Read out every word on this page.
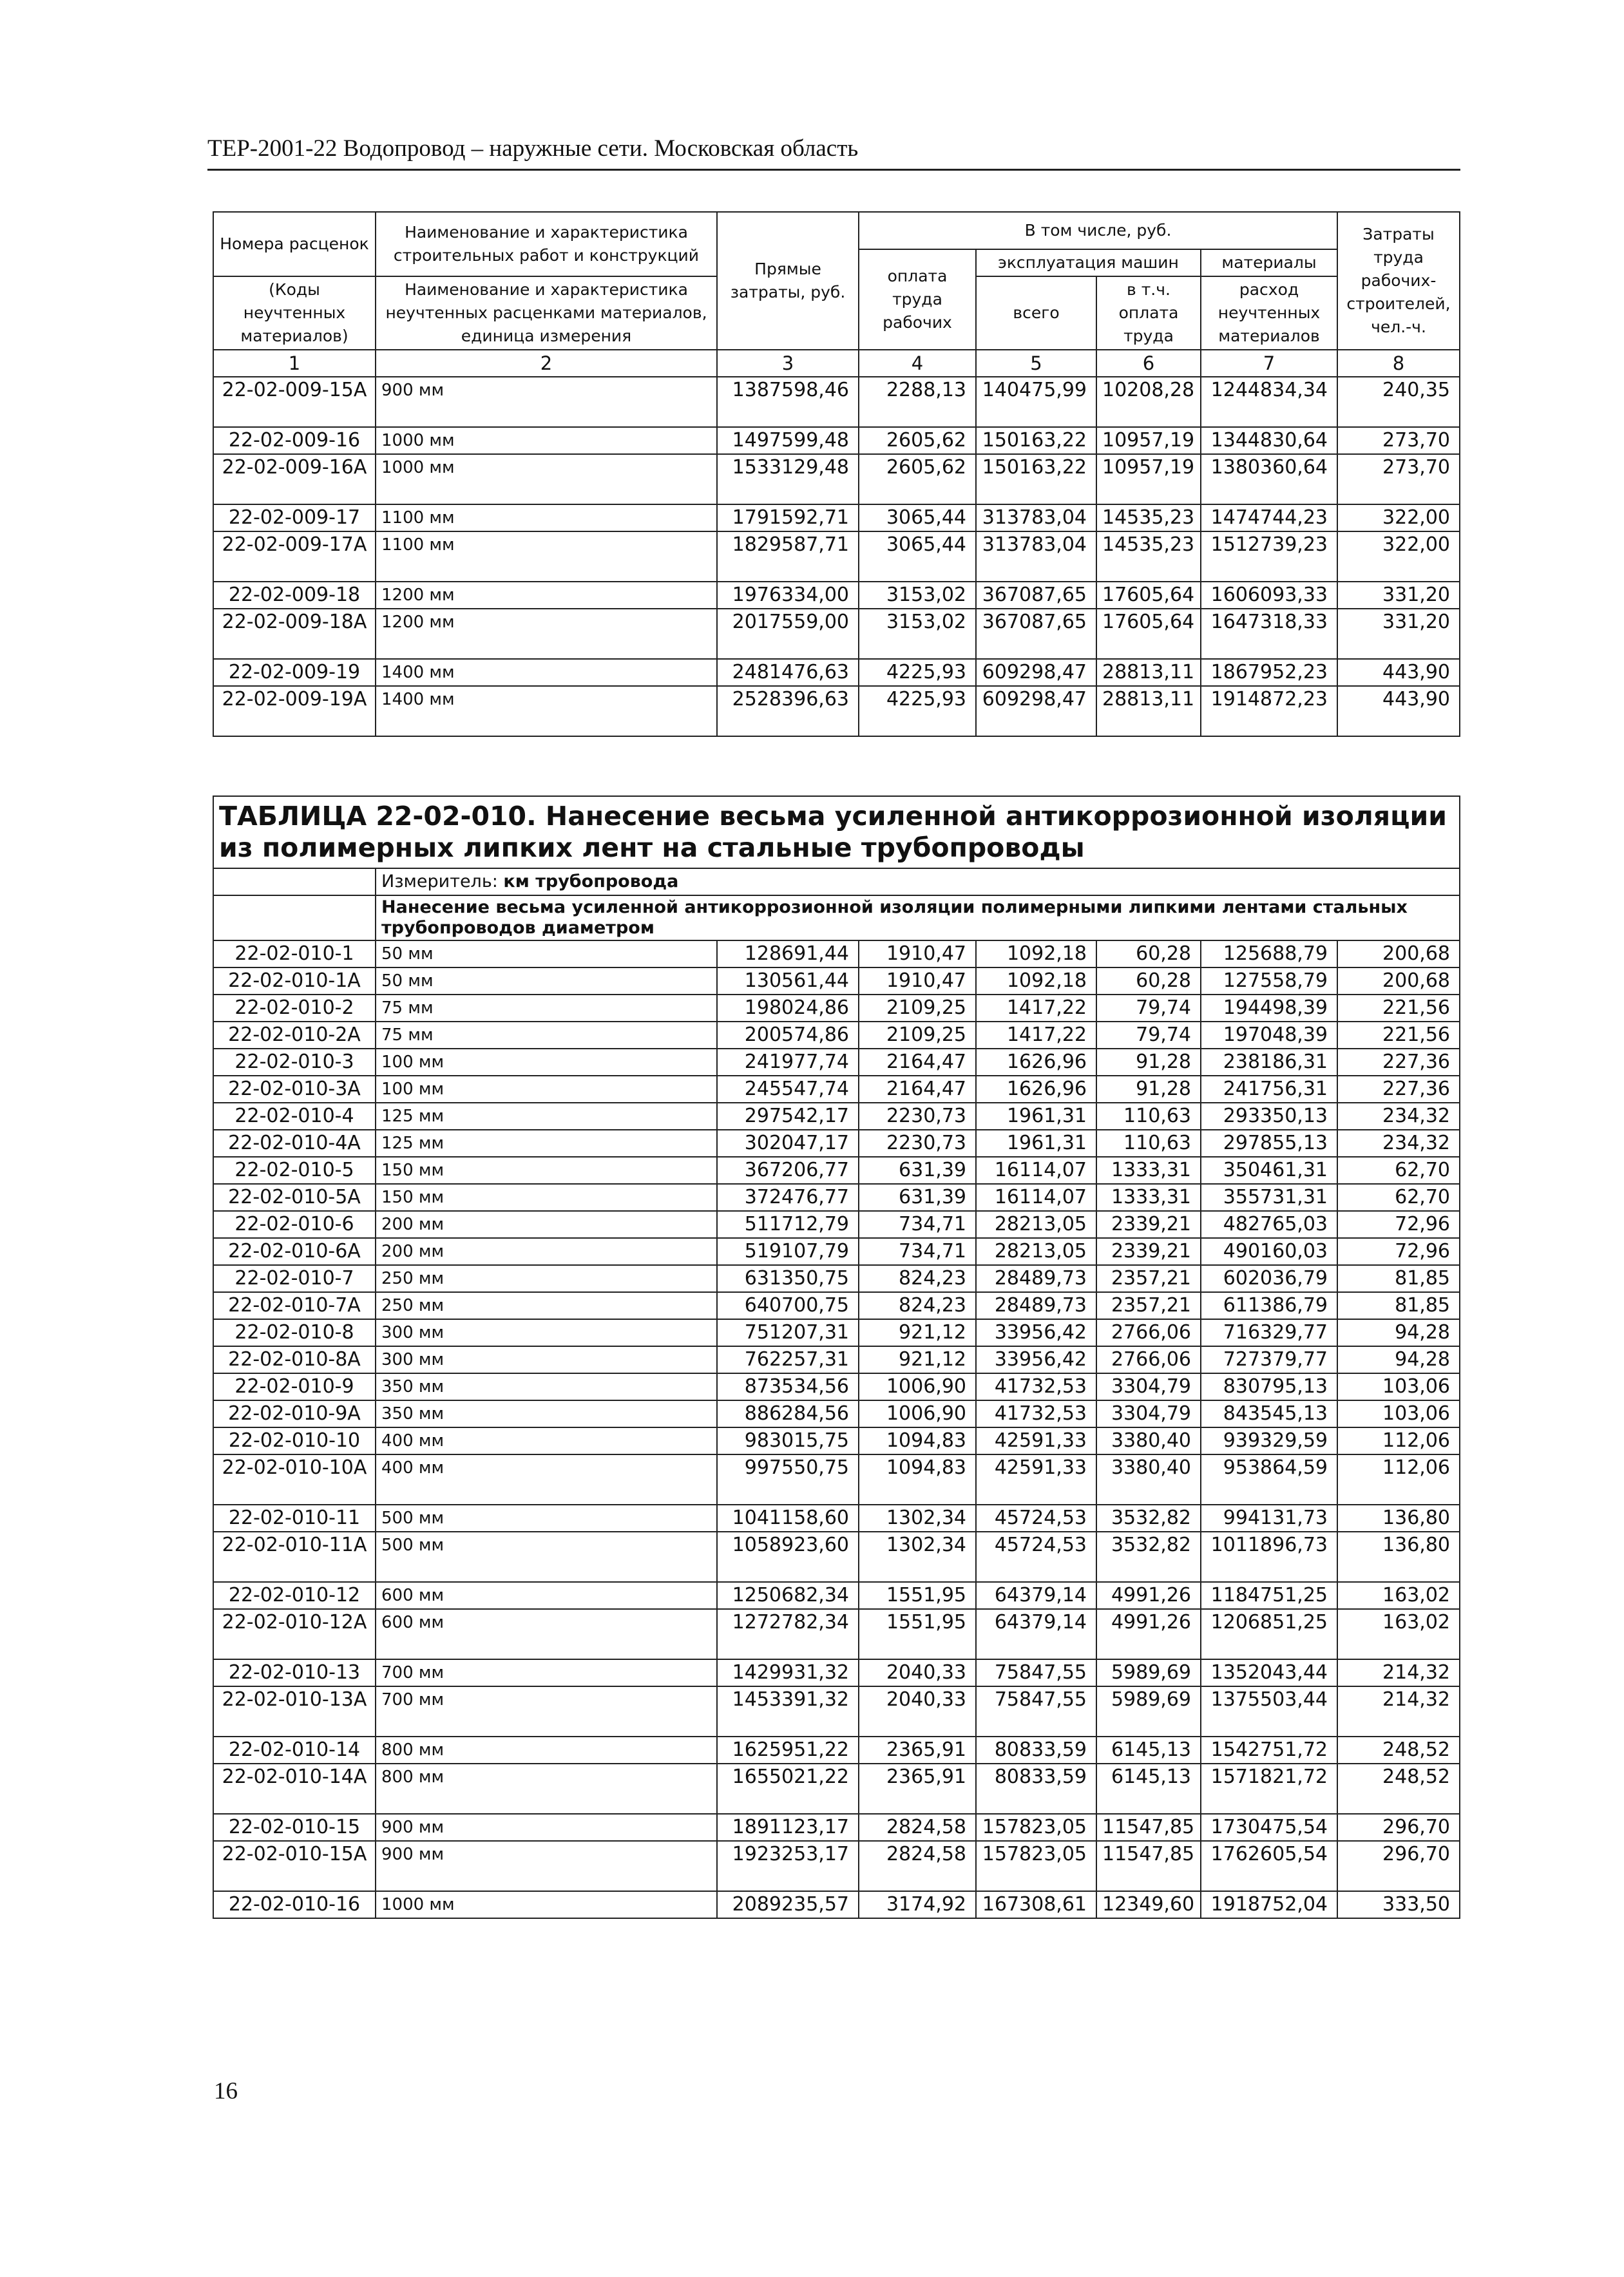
ТЕР-2001-22 Водопровод – наружные сети. Московская область
Номера расценок	Наименование и характеристика строительных работ и конструкций	Прямые затраты, руб.	В том числе, руб.				Затраты труда рабочих-строителей, чел.-ч.
			оплата труда рабочих	эксплуатация машин		материалы	
(Коды неучтенных материалов)	Наименование и характеристика неучтенных расценками материалов, единица измерения			всего	в т.ч. оплата труда	расход неучтенных материалов	

1	2	3	4	5	6	7	8
22-02-009-15А	900 мм	1387598,46	2288,13	140475,99	10208,28	1244834,34	240,35
22-02-009-16	1000 мм	1497599,48	2605,62	150163,22	10957,19	1344830,64	273,70
22-02-009-16А	1000 мм	1533129,48	2605,62	150163,22	10957,19	1380360,64	273,70
22-02-009-17	1100 мм	1791592,71	3065,44	313783,04	14535,23	1474744,23	322,00
22-02-009-17А	1100 мм	1829587,71	3065,44	313783,04	14535,23	1512739,23	322,00
22-02-009-18	1200 мм	1976334,00	3153,02	367087,65	17605,64	1606093,33	331,20
22-02-009-18А	1200 мм	2017559,00	3153,02	367087,65	17605,64	1647318,33	331,20
22-02-009-19	1400 мм	2481476,63	4225,93	609298,47	28813,11	1867952,23	443,90
22-02-009-19А	1400 мм	2528396,63	4225,93	609298,47	28813,11	1914872,23	443,90
ТАБЛИЦА 22-02-010. Нанесение весьма усиленной антикоррозионной изоляции из полимерных липких лент на стальные трубопроводы							
	Измеритель: км трубопровода						
	Нанесение весьма усиленной антикоррозионной изоляции полимерными липкими лентами стальных трубопроводов диаметром						
22-02-010-1	50 мм	128691,44	1910,47	1092,18	60,28	125688,79	200,68
22-02-010-1А	50 мм	130561,44	1910,47	1092,18	60,28	127558,79	200,68
22-02-010-2	75 мм	198024,86	2109,25	1417,22	79,74	194498,39	221,56
22-02-010-2А	75 мм	200574,86	2109,25	1417,22	79,74	197048,39	221,56
22-02-010-3	100 мм	241977,74	2164,47	1626,96	91,28	238186,31	227,36
22-02-010-3А	100 мм	245547,74	2164,47	1626,96	91,28	241756,31	227,36
22-02-010-4	125 мм	297542,17	2230,73	1961,31	110,63	293350,13	234,32
22-02-010-4А	125 мм	302047,17	2230,73	1961,31	110,63	297855,13	234,32
22-02-010-5	150 мм	367206,77	631,39	16114,07	1333,31	350461,31	62,70
22-02-010-5А	150 мм	372476,77	631,39	16114,07	1333,31	355731,31	62,70
22-02-010-6	200 мм	511712,79	734,71	28213,05	2339,21	482765,03	72,96
22-02-010-6А	200 мм	519107,79	734,71	28213,05	2339,21	490160,03	72,96
22-02-010-7	250 мм	631350,75	824,23	28489,73	2357,21	602036,79	81,85
22-02-010-7А	250 мм	640700,75	824,23	28489,73	2357,21	611386,79	81,85
22-02-010-8	300 мм	751207,31	921,12	33956,42	2766,06	716329,77	94,28
22-02-010-8А	300 мм	762257,31	921,12	33956,42	2766,06	727379,77	94,28
22-02-010-9	350 мм	873534,56	1006,90	41732,53	3304,79	830795,13	103,06
22-02-010-9А	350 мм	886284,56	1006,90	41732,53	3304,79	843545,13	103,06
22-02-010-10	400 мм	983015,75	1094,83	42591,33	3380,40	939329,59	112,06
22-02-010-10А	400 мм	997550,75	1094,83	42591,33	3380,40	953864,59	112,06
22-02-010-11	500 мм	1041158,60	1302,34	45724,53	3532,82	994131,73	136,80
22-02-010-11А	500 мм	1058923,60	1302,34	45724,53	3532,82	1011896,73	136,80
22-02-010-12	600 мм	1250682,34	1551,95	64379,14	4991,26	1184751,25	163,02
22-02-010-12А	600 мм	1272782,34	1551,95	64379,14	4991,26	1206851,25	163,02
22-02-010-13	700 мм	1429931,32	2040,33	75847,55	5989,69	1352043,44	214,32
22-02-010-13А	700 мм	1453391,32	2040,33	75847,55	5989,69	1375503,44	214,32
22-02-010-14	800 мм	1625951,22	2365,91	80833,59	6145,13	1542751,72	248,52
22-02-010-14А	800 мм	1655021,22	2365,91	80833,59	6145,13	1571821,72	248,52
22-02-010-15	900 мм	1891123,17	2824,58	157823,05	11547,85	1730475,54	296,70
22-02-010-15А	900 мм	1923253,17	2824,58	157823,05	11547,85	1762605,54	296,70
22-02-010-16	1000 мм	2089235,57	3174,92	167308,61	12349,60	1918752,04	333,50
16
